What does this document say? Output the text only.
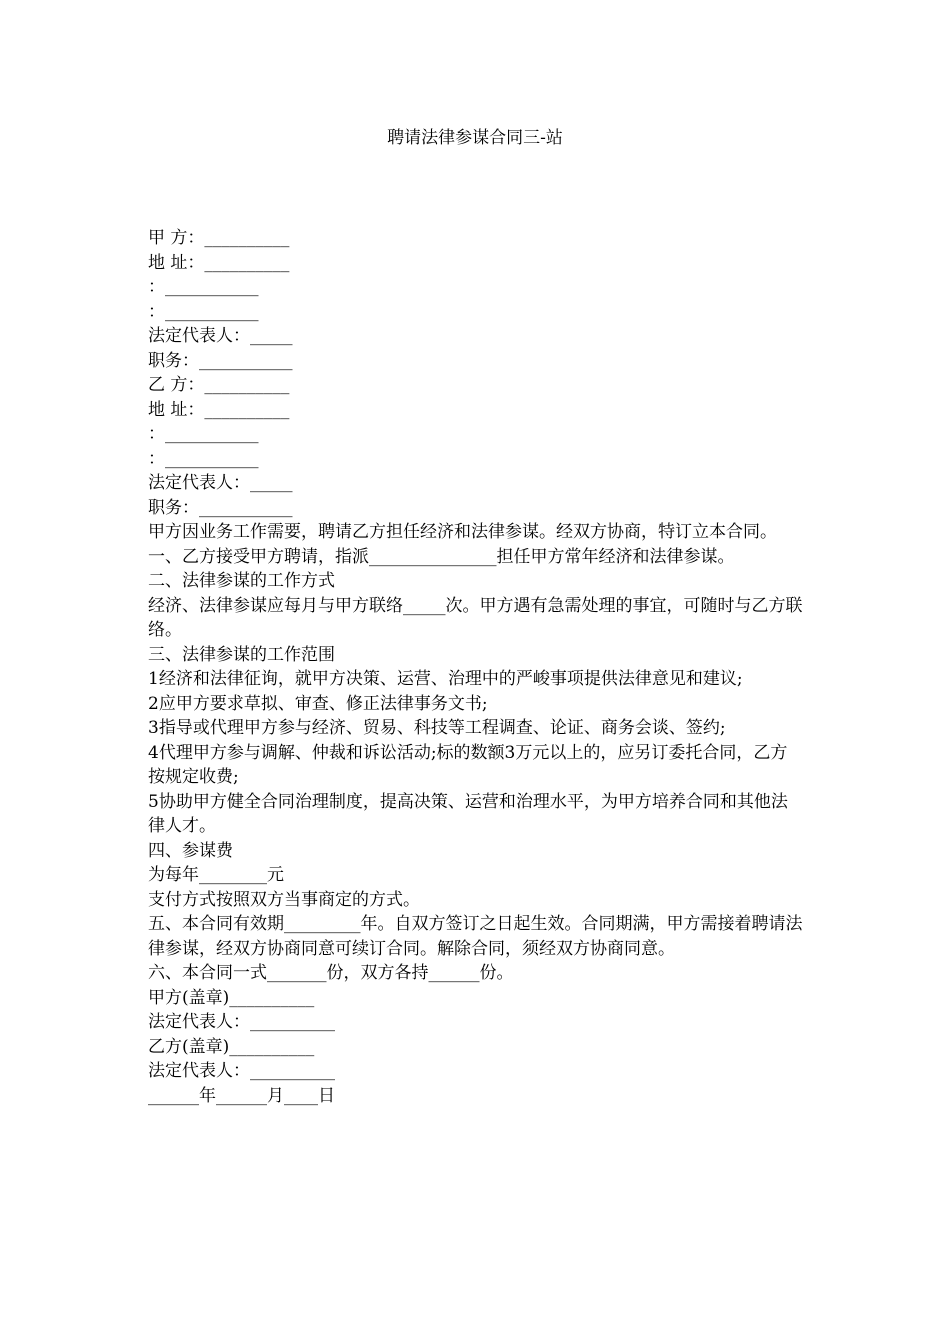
聘请法律参谋合同三-站

甲 方：__________

地 址：__________

：___________

：___________

法定代表人：_____

职务：___________

乙 方：__________

地 址：__________

：___________

：___________

法定代表人：_____

职务：___________

甲方因业务工作需要，聘请乙方担任经济和法律参谋。经双方协商，特订立本合同。

一、乙方接受甲方聘请，指派_______________担任甲方常年经济和法律参谋。

二、法律参谋的工作方式

经济、法律参谋应每月与甲方联络_____次。甲方遇有急需处理的事宜，可随时与乙方联络。

三、法律参谋的工作范围

1经济和法律征询，就甲方决策、运营、治理中的严峻事项提供法律意见和建议;

2应甲方要求草拟、审查、修正法律事务文书;

3指导或代理甲方参与经济、贸易、科技等工程调查、论证、商务会谈、签约;

4代理甲方参与调解、仲裁和诉讼活动;标的数额3万元以上的，应另订委托合同，乙方按规定收费;

5协助甲方健全合同治理制度，提高决策、运营和治理水平，为甲方培养合同和其他法律人才。

四、参谋费

为每年________元

支付方式按照双方当事商定的方式。

五、本合同有效期_________年。自双方签订之日起生效。合同期满，甲方需接着聘请法律参谋，经双方协商同意可续订合同。解除合同，须经双方协商同意。

六、本合同一式_______份，双方各持______份。

甲方(盖章)__________

法定代表人：__________

乙方(盖章)__________

法定代表人：__________

______年______月____日
